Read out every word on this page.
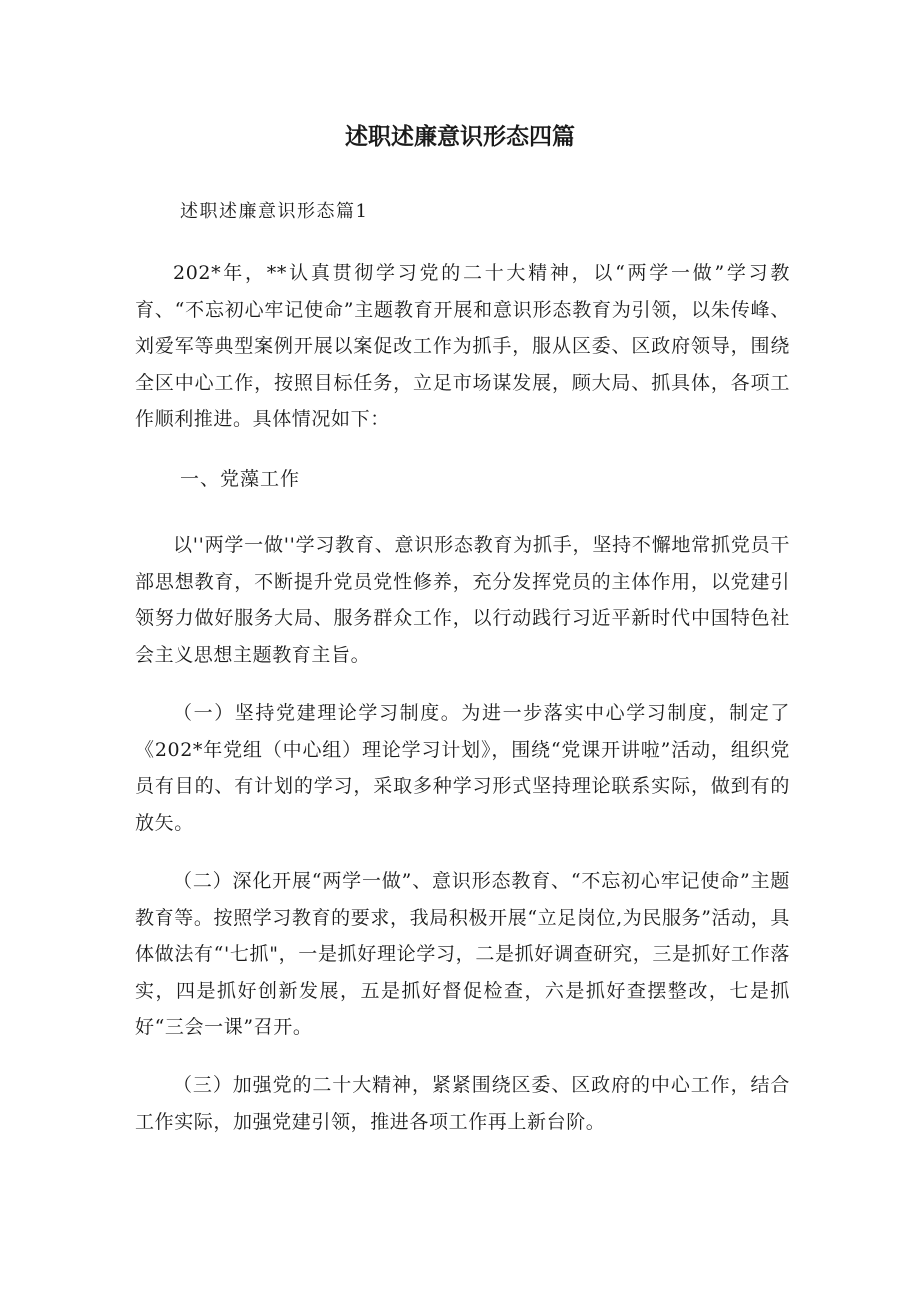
述职述廉意识形态四篇

述职述廉意识形态篇1

202*年，**认真贯彻学习党的二十大精神，以“两学一做”学习教育、“不忘初心牢记使命”主题教育开展和意识形态教育为引领，以朱传峰、刘爱军等典型案例开展以案促改工作为抓手，服从区委、区政府领导，围绕全区中心工作，按照目标任务，立足市场谋发展，顾大局、抓具体，各项工作顺利推进。具体情况如下：

一、党藻工作

以''两学一做''学习教育、意识形态教育为抓手，坚持不懈地常抓党员干部思想教育，不断提升党员党性修养，充分发挥党员的主体作用，以党建引领努力做好服务大局、服务群众工作，以行动践行习近平新时代中国特色社会主义思想主题教育主旨。

（一）坚持党建理论学习制度。为进一步落实中心学习制度，制定了《202*年党组（中心组）理论学习计划》，围绕“党课开讲啦”活动，组织党员有目的、有计划的学习，采取多种学习形式坚持理论联系实际，做到有的放矢。

（二）深化开展“两学一做”、意识形态教育、“不忘初心牢记使命”主题教育等。按照学习教育的要求，我局积极开展“立足岗位,为民服务”活动，具体做法有“'七抓"，一是抓好理论学习，二是抓好调查研究，三是抓好工作落实，四是抓好创新发展，五是抓好督促检查，六是抓好查摆整改，七是抓好“三会一课”召开。

（三）加强党的二十大精神，紧紧围绕区委、区政府的中心工作，结合工作实际，加强党建引领，推进各项工作再上新台阶。
